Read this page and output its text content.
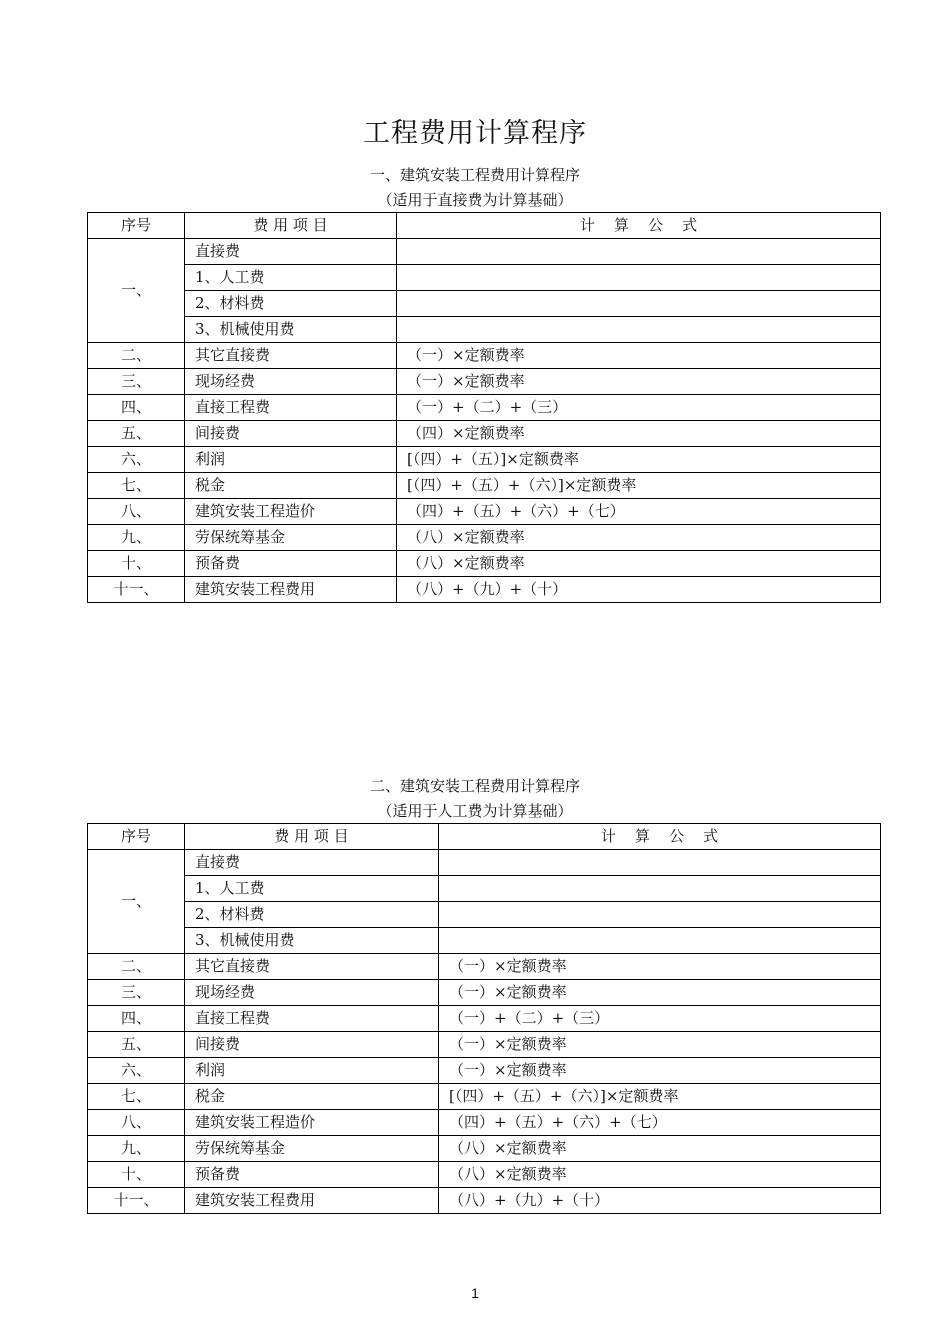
工程费用计算程序
一、建筑安装工程费用计算程序
（适用于直接费为计算基础）
序号	费 用 项 目	计    算    公    式
一、	直接费	
	1、人工费	
	2、材料费	
	3、机械使用费	
二、	其它直接费	（一）×定额费率
三、	现场经费	（一）×定额费率
四、	直接工程费	（一）+（二）+（三）
五、	间接费	（四）×定额费率
六、	利润	[（四）+（五）]×定额费率
七、	税金	[（四）+（五）+（六）]×定额费率
八、	建筑安装工程造价	（四）+（五）+（六）+（七）
九、	劳保统筹基金	（八）×定额费率
十、	预备费	（八）×定额费率
十一、	建筑安装工程费用	（八）+（九）+（十）
二、建筑安装工程费用计算程序
（适用于人工费为计算基础）
序号	费 用 项 目	计    算    公    式
一、	直接费	
	1、人工费	
	2、材料费	
	3、机械使用费	
二、	其它直接费	（一）×定额费率
三、	现场经费	（一）×定额费率
四、	直接工程费	（一）+（二）+（三）
五、	间接费	（一）×定额费率
六、	利润	（一）×定额费率
七、	税金	[（四）+（五）+（六）]×定额费率
八、	建筑安装工程造价	（四）+（五）+（六）+（七）
九、	劳保统筹基金	（八）×定额费率
十、	预备费	（八）×定额费率
十一、	建筑安装工程费用	（八）+（九）+（十）
1
